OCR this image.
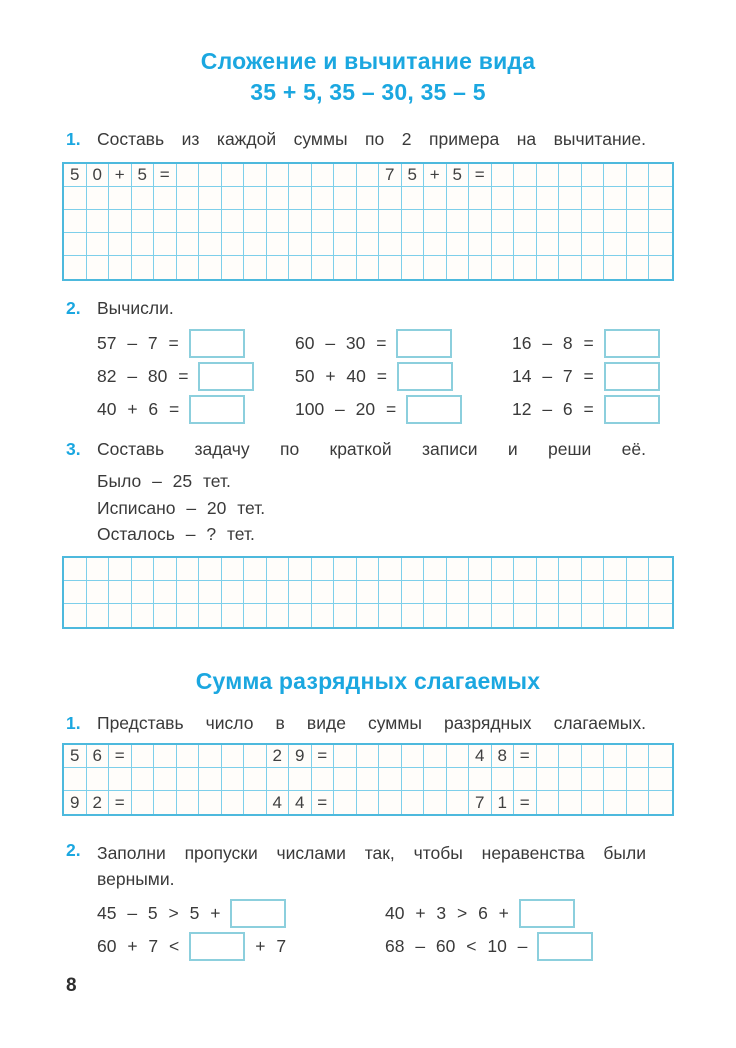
Сложение и вычитание вида
35 + 5, 35 – 30, 35 – 5
1. Составь из каждой суммы по 2 примера на вычитание.
5 0 + 5 =	7 5 + 5 =
2. Вычисли.
57 – 7 =	60 – 30 =	16 – 8 =
82 – 80 =	50 + 40 =	14 – 7 =
40 + 6 =	100 – 20 =	12 – 6 =
3. Составь задачу по краткой записи и реши её.
Было – 25 тет.
Исписано – 20 тет.
Осталось – ? тет.
Сумма разрядных слагаемых
1. Представь число в виде суммы разрядных слагаемых.
5 6 =	2 9 =	4 8 =
9 2 =	4 4 =	7 1 =
2. Заполни пропуски числами так, чтобы неравенства были
верными.
45 – 5 > 5 +	40 + 3 > 6 +
60 + 7 <	+ 7	68 – 60 < 10 –
8
